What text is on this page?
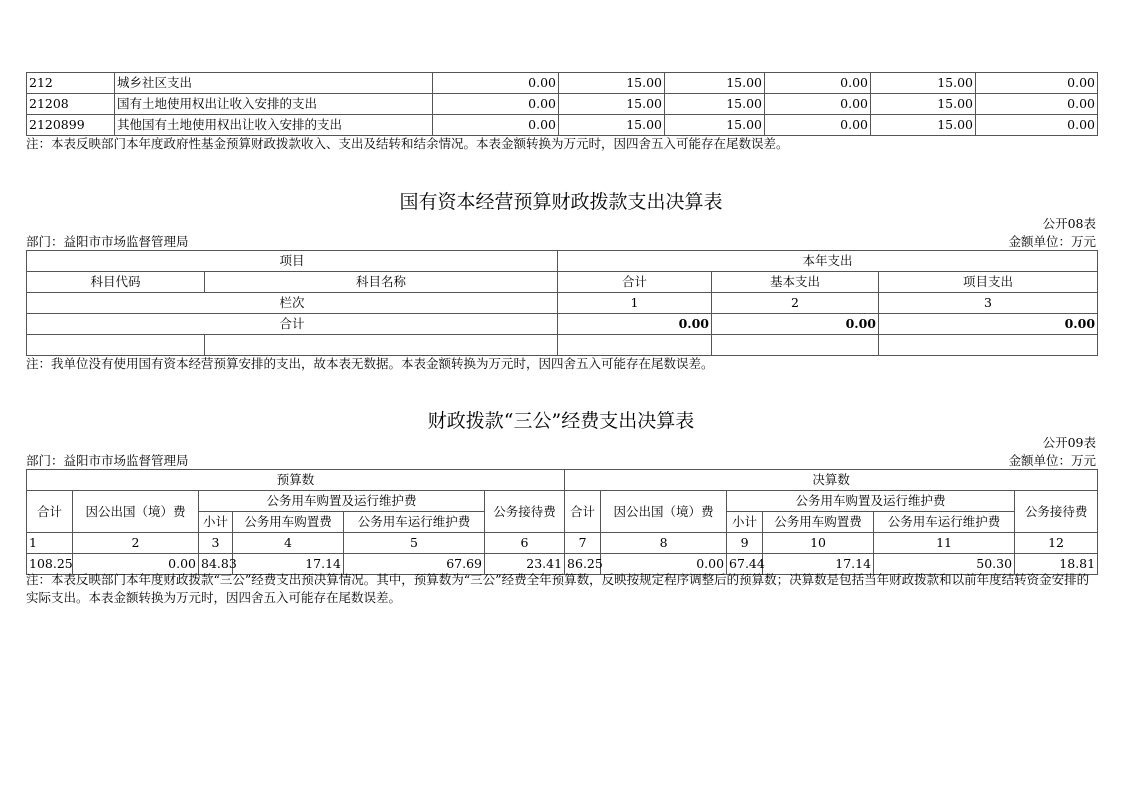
212	城乡社区支出	0.00	15.00	15.00	0.00	15.00	0.00
21208	国有土地使用权出让收入安排的支出	0.00	15.00	15.00	0.00	15.00	0.00
2120899	其他国有土地使用权出让收入安排的支出	0.00	15.00	15.00	0.00	15.00	0.00
注：本表反映部门本年度政府性基金预算财政拨款收入、支出及结转和结余情况。本表金额转换为万元时，因四舍五入可能存在尾数误差。
国有资本经营预算财政拨款支出决算表
公开08表
部门：益阳市市场监督管理局	金额单位：万元
项目		本年支出		
科目代码	科目名称	合计	基本支出	项目支出
栏次		1	2	3
合计		0.00	0.00	0.00

注：我单位没有使用国有资本经营预算安排的支出，故本表无数据。本表金额转换为万元时，因四舍五入可能存在尾数误差。
财政拨款“三公”经费支出决算表
公开09表
部门：益阳市市场监督管理局	金额单位：万元
预算数						决算数					
合计	因公出国（境）费	公务用车购置及运行维护费			公务接待费	合计	因公出国（境）费	公务用车购置及运行维护费			公务接待费
		小计	公务用车购置费	公务用车运行维护费				小计	公务用车购置费	公务用车运行维护费	
1	2	3	4	5	6	7	8	9	10	11	12
108.25	0.00	84.83	17.14	67.69	23.41	86.25	0.00	67.44	17.14	50.30	18.81
注：本表反映部门本年度财政拨款“三公”经费支出预决算情况。其中，预算数为“三公”经费全年预算数，反映按规定程序调整后的预算数；决算数是包括当年财政拨款和以前年度结转资金安排的实际支出。本表金额转换为万元时，因四舍五入可能存在尾数误差。
